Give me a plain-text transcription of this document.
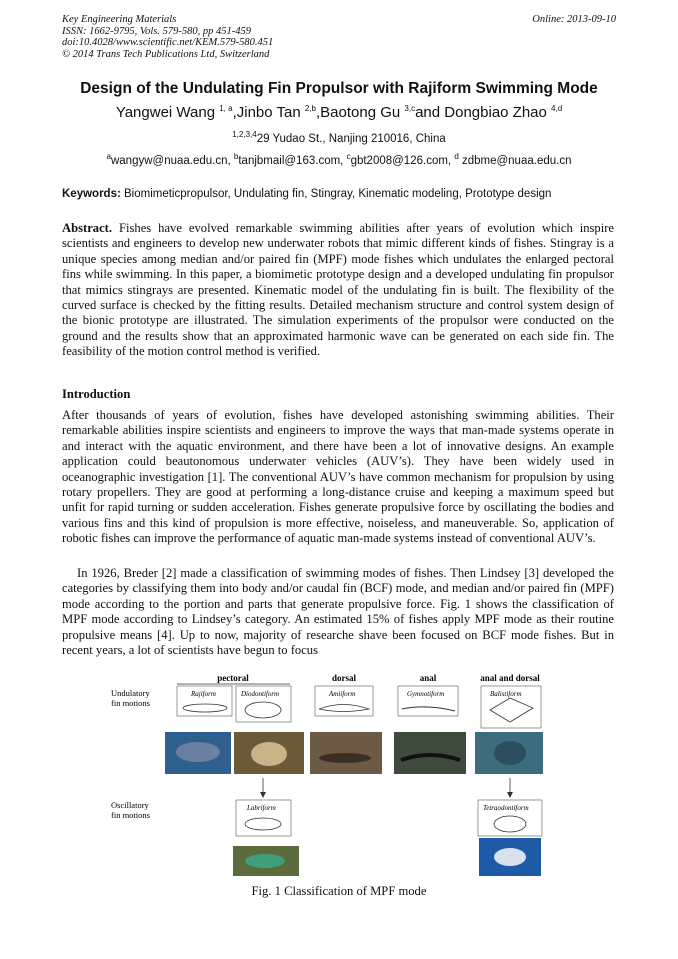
Key Engineering Materials
ISSN: 1662-9795, Vols. 579-580, pp 451-459
doi:10.4028/www.scientific.net/KEM.579-580.451
© 2014 Trans Tech Publications Ltd, Switzerland
Online: 2013-09-10
Design of the Undulating Fin Propulsor with Rajiform Swimming Mode
Yangwei Wang $^{1, a}$,Jinbo Tan $^{2,b}$,Baotong Gu $^{3,c}$and Dongbiao Zhao $^{4,d}$
$^{1,2,3,4}$29 Yudao St., Nanjing 210016, China
$^a$wangyw@nuaa.edu.cn, $^b$tanjbmail@163.com, $^c$gbt2008@126.com, $^d$ zdbme@nuaa.edu.cn
Keywords: Biomimeticpropulsor, Undulating fin, Stingray, Kinematic modeling, Prototype design
Abstract. Fishes have evolved remarkable swimming abilities after years of evolution which inspire scientists and engineers to develop new underwater robots that mimic different kinds of fishes. Stingray is a unique species among median and/or paired fin (MPF) mode fishes which undulates the enlarged pectoral fins while swimming. In this paper, a biomimetic prototype design and a developed undulating fin propulsor that mimics stingrays are presented. Kinematic model of the undulating fin is built. The flexibility of the curved surface is checked by the fitting results. Detailed mechanism structure and control system design of the bionic prototype are illustrated. The simulation experiments of the propulsor were conducted on the ground and the results show that an approximated harmonic wave can be generated on each side fin. The feasibility of the motion control method is verified.
Introduction
After thousands of years of evolution, fishes have developed astonishing swimming abilities. Their remarkable abilities inspire scientists and engineers to improve the ways that man-made systems operate in and interact with the aquatic environment, and there have been a lot of innovative designs. An example application could beautonomous underwater vehicles (AUV’s). They have been widely used in oceanographic investigation [1]. The conventional AUV’s have common mechanism for propulsion by using rotary propellers. They are good at performing a long-distance cruise and keeping a maximum speed but unfit for rapid turning or sudden acceleration. Fishes generate propulsive force by oscillating the bodies and various fins and this kind of propulsion is more effective, noiseless, and maneuverable. So, application of robotic fishes can improve the performance of aquatic man-made systems instead of conventional AUV’s.
In 1926, Breder [2] made a classification of swimming modes of fishes. Then Lindsey [3] developed the categories by classifying them into body and/or caudal fin (BCF) mode, and median and/or paired fin (MPF) mode according to the portion and parts that generate propulsive force. Fig. 1 shows the classification of MPF mode according to Lindsey’s category. An estimated 15% of fishes apply MPF mode as their routine propulsive means [4]. Up to now, majority of researche shave been focused on BCF mode fishes. But in recent years, a lot of scientists have begun to focus
pectoral	dorsal	anal	anal and dorsal
Undulatory
fin motions
Oscillatory
fin motions
Rajiform	Diodontiform	Amiiform	Gymnotiform	Balistiform
Labriform	Tetraodontiform
Fig. 1 Classification of MPF mode
